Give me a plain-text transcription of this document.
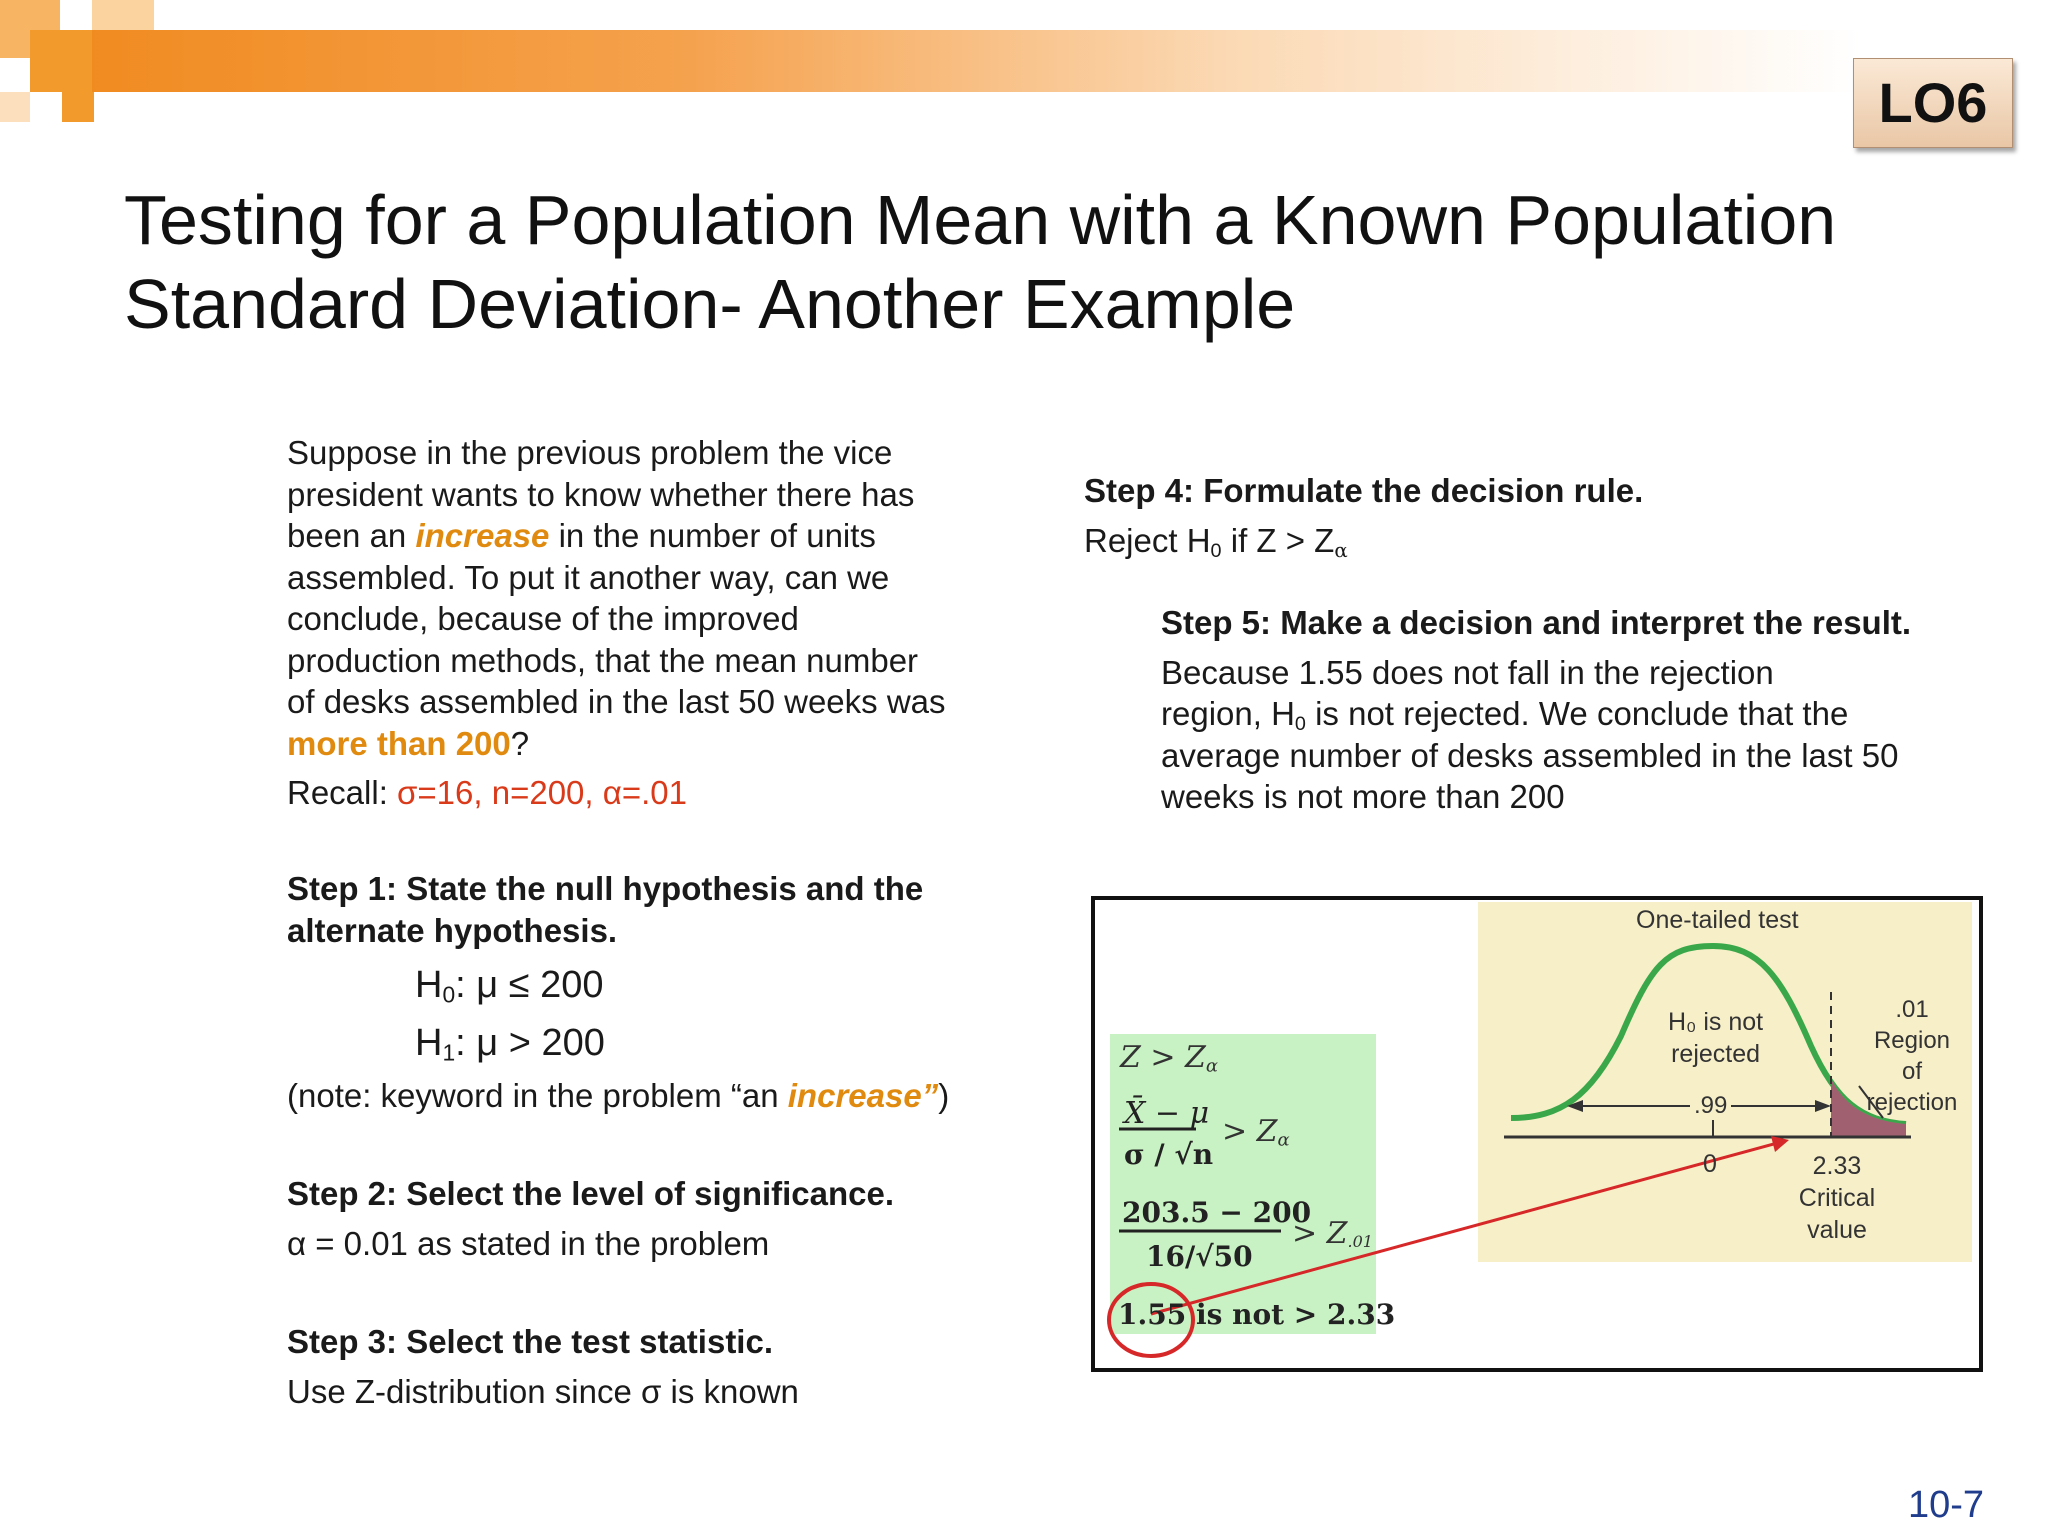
LO6
Testing for a Population Mean with a Known Population
Standard Deviation- Another Example
Suppose in the previous problem the vice
president wants to know whether there has
been an increase in the number of units
assembled. To put it another way, can we
conclude, because of the improved
production methods, that the mean number
of desks assembled in the last 50 weeks was
more than 200?
Recall: σ=16, n=200, α=.01
Step 1: State the null hypothesis and the
alternate hypothesis.
$H_0$: μ ≤ 200
$H_1$: μ > 200
(note: keyword in the problem “an increase”)
Step 2: Select the level of significance.
α = 0.01 as stated in the problem
Step 3: Select the test statistic.
Use Z-distribution since σ is known
Step 4: Formulate the decision rule.
Reject $H_0$ if $Z > Z_\alpha$
Step 5: Make a decision and interpret the result.
Because 1.55 does not fall in the rejection
region, $H_0$ is not rejected. We conclude that the
average number of desks assembled in the last 50
weeks is not more than 200
One-tailed test
H₀ is not
rejected
.01
Region of
rejection
.99
0	2.33
Critical
value
$Z > Z_\alpha$
X̄ − μ
σ / √n
> $Z_\alpha$
203.5 − 200
16/√50
> $Z_{.01}$
1.55 is not > 2.33
10-7
